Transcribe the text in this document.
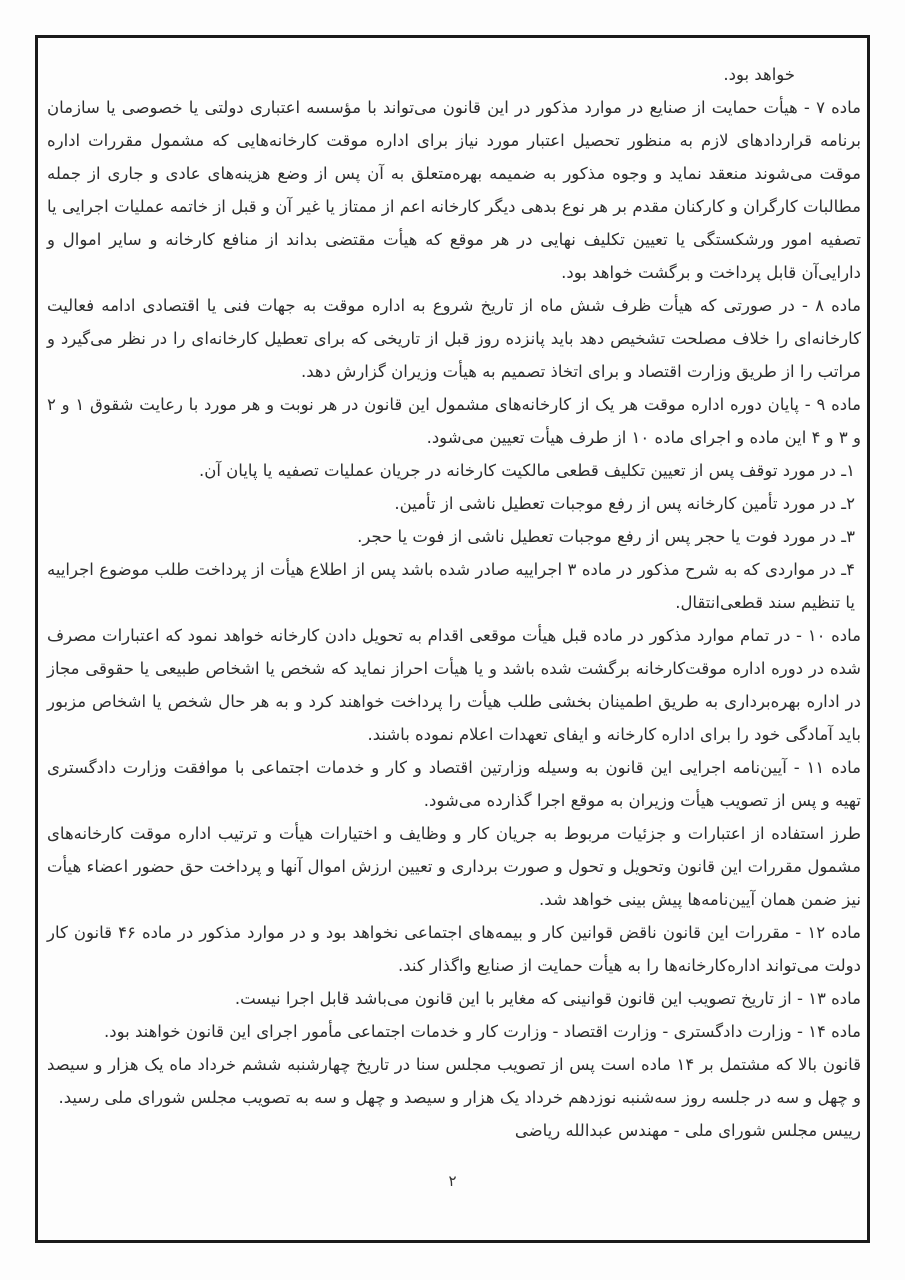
خواهد بود.

ماده ۷ - هیأت حمایت از صنایع در موارد مذکور در این قانون می‌تواند با مؤسسه اعتباری دولتی یا خصوصی یا سازمان برنامه قراردادهای لازم به منظور تحصیل اعتبار مورد نیاز برای اداره موقت کارخانه‌هایی که مشمول مقررات اداره موقت می‌شوند منعقد نماید و وجوه مذکور به ضمیمه بهره‌متعلق به آن پس از وضع هزینه‌های عادی و جاری از جمله مطالبات کارگران و کارکنان مقدم بر هر نوع بدهی دیگر کارخانه اعم از ممتاز یا غیر آن و قبل از خاتمه عملیات اجرایی یا تصفیه امور ورشکستگی یا تعیین تکلیف نهایی در هر موقع که هیأت مقتضی بداند از منافع کارخانه و سایر اموال و دارایی‌آن قابل پرداخت و برگشت خواهد بود.

ماده ۸ - در صورتی که هیأت ظرف شش ماه از تاریخ شروع به اداره موقت به جهات فنی یا اقتصادی ادامه فعالیت کارخانه‌ای را خلاف مصلحت تشخیص دهد باید پانزده روز قبل از تاریخی که برای تعطیل کارخانه‌ای را در نظر می‌گیرد و مراتب را از طریق وزارت اقتصاد و برای اتخاذ تصمیم به هیأت وزیران گزارش دهد.

ماده ۹ - پایان دوره اداره موقت هر یک از کارخانه‌های مشمول این قانون در هر نوبت و هر مورد با رعایت شقوق ۱ و ۲ و ۳ و ۴ این ماده و اجرای ماده ۱۰ از طرف هیأت تعیین می‌شود.

۱ـ در مورد توقف پس از تعیین تکلیف قطعی مالکیت کارخانه در جریان عملیات تصفیه یا پایان آن.

۲ـ در مورد تأمین کارخانه پس از رفع موجبات تعطیل ناشی از تأمین.

۳ـ در مورد فوت یا حجر پس از رفع موجبات تعطیل ناشی از فوت یا حجر.

۴ـ در مواردی که به شرح مذکور در ماده ۳ اجراییه صادر شده باشد پس از اطلاع هیأت از پرداخت طلب موضوع اجراییه یا تنظیم سند قطعی‌انتقال.

ماده ۱۰ - در تمام موارد مذکور در ماده قبل هیأت موقعی اقدام به تحویل دادن کارخانه خواهد نمود که اعتبارات مصرف شده در دوره اداره موقت‌کارخانه برگشت شده باشد و یا هیأت احراز نماید که شخص یا اشخاص طبیعی یا حقوقی مجاز در اداره بهره‌برداری به طریق اطمینان بخشی طلب هیأت را پرداخت خواهند کرد و به هر حال شخص یا اشخاص مزبور باید آمادگی خود را برای اداره کارخانه و ایفای تعهدات اعلام نموده باشند.

ماده ۱۱ - آیین‌نامه اجرایی این قانون به وسیله وزارتین اقتصاد و کار و خدمات اجتماعی با موافقت وزارت دادگستری تهیه و پس از تصویب هیأت وزیران به موقع اجرا گذارده می‌شود.

طرز استفاده از اعتبارات و جزئیات مربوط به جریان کار و وظایف و اختیارات هیأت و ترتیب اداره موقت کارخانه‌های مشمول مقررات این قانون وتحویل و تحول و صورت برداری و تعیین ارزش اموال آنها و پرداخت حق حضور اعضاء هیأت نیز ضمن همان آیین‌نامه‌ها پیش بینی خواهد شد.

ماده ۱۲ - مقررات این قانون ناقض قوانین کار و بیمه‌های اجتماعی نخواهد بود و در موارد مذکور در ماده ۴۶ قانون کار دولت می‌تواند اداره‌کارخانه‌ها را به هیأت حمایت از صنایع واگذار کند.

ماده ۱۳ - از تاریخ تصویب این قانون قوانینی که مغایر با این قانون می‌باشد قابل اجرا نیست.

ماده ۱۴ - وزارت دادگستری - وزارت اقتصاد - وزارت کار و خدمات اجتماعی مأمور اجرای این قانون خواهند بود.

قانون بالا که مشتمل بر ۱۴ ماده است پس از تصویب مجلس سنا در تاریخ چهارشنبه ششم خرداد ماه یک هزار و سیصد و چهل و سه در جلسه روز سه‌شنبه نوزدهم خرداد یک هزار و سیصد و چهل و سه به تصویب مجلس شورای ملی رسید.

رییس مجلس شورای ملی - مهندس عبدالله ریاضی

۲
